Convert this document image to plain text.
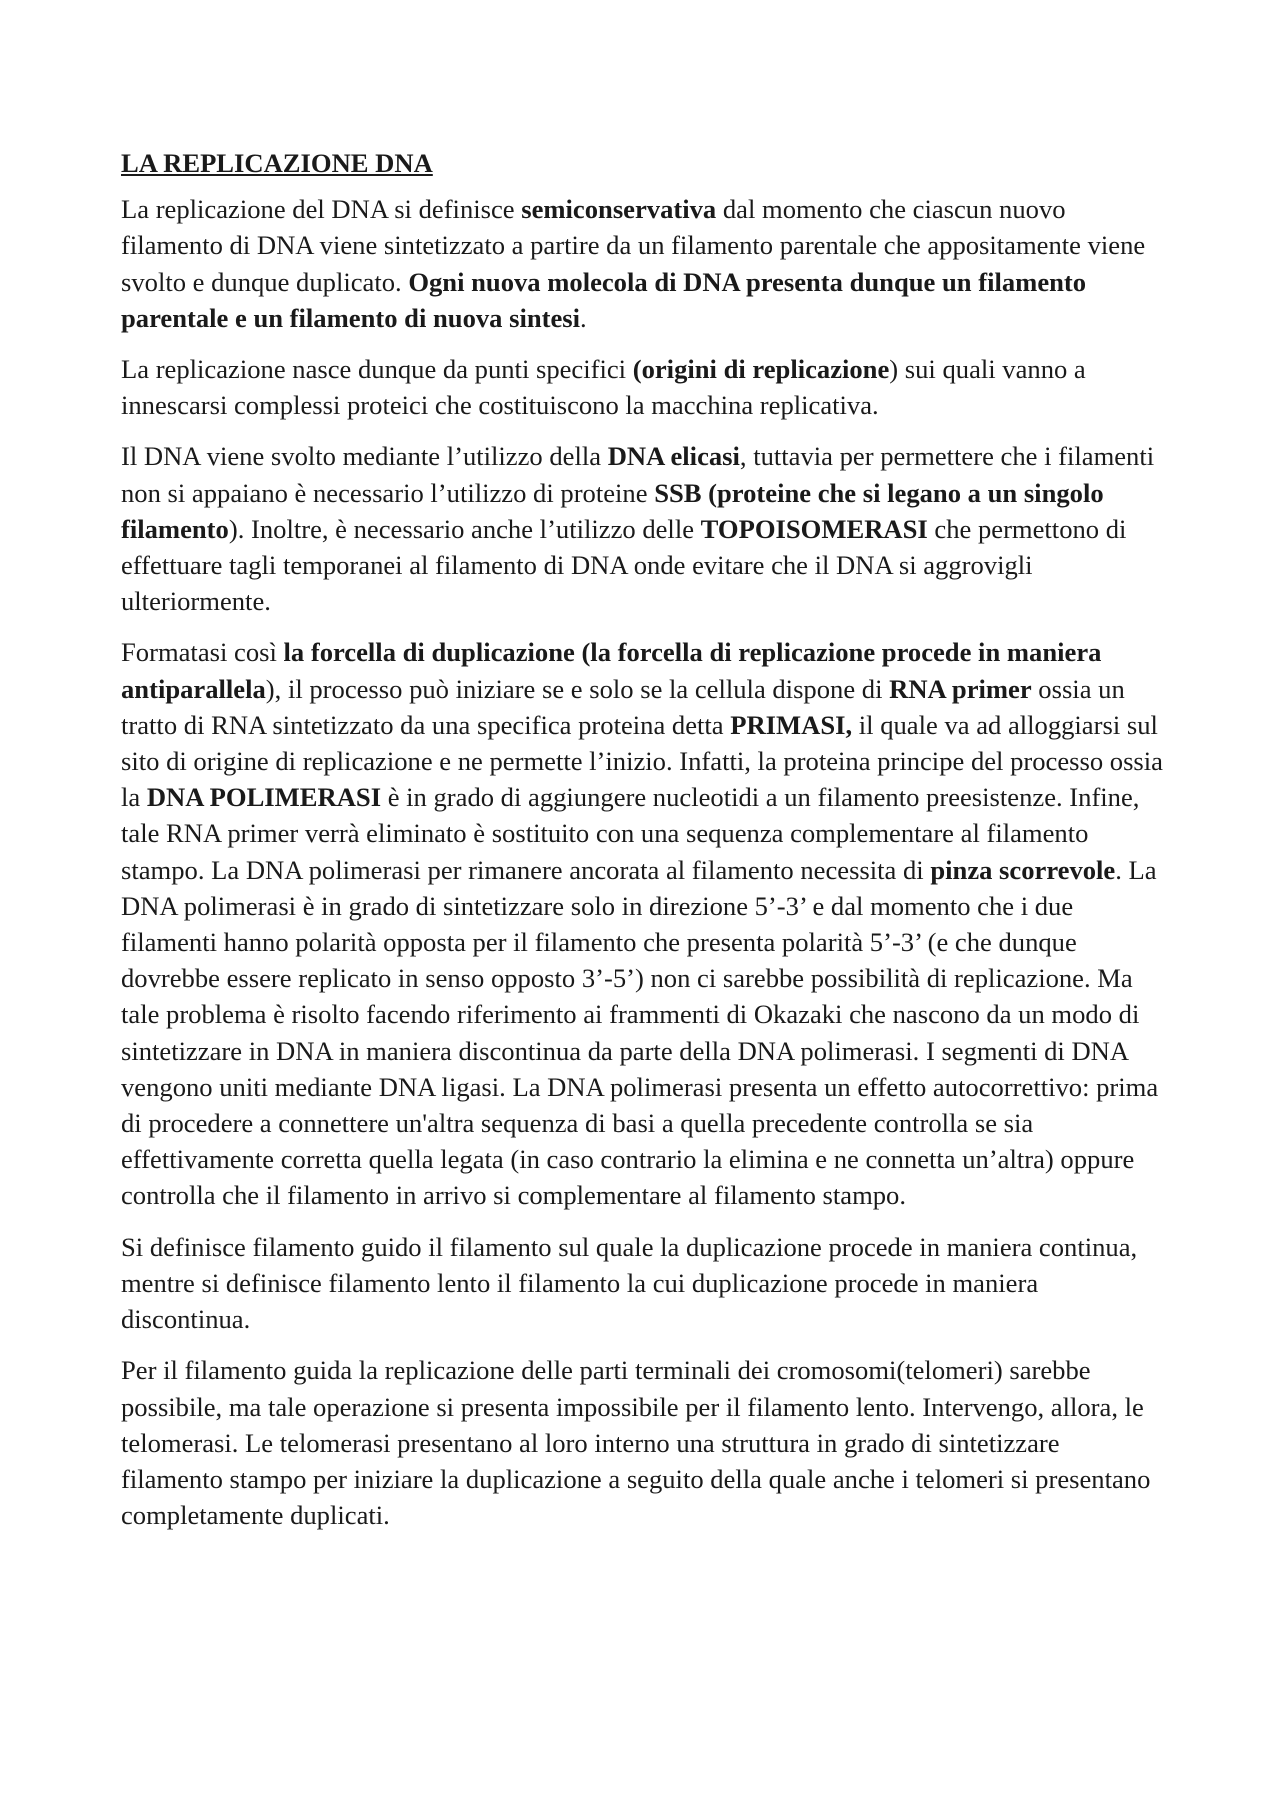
LA REPLICAZIONE DNA

La replicazione del DNA si definisce semiconservativa dal momento che ciascun nuovo filamento di DNA viene sintetizzato a partire da un filamento parentale che appositamente viene svolto e dunque duplicato. Ogni nuova molecola di DNA presenta dunque un filamento parentale e un filamento di nuova sintesi.

La replicazione nasce dunque da punti specifici (origini di replicazione) sui quali vanno a innescarsi complessi proteici che costituiscono la macchina replicativa.

Il DNA viene svolto mediante l’utilizzo della DNA elicasi, tuttavia per permettere che i filamenti non si appaiano è necessario l’utilizzo di proteine SSB (proteine che si legano a un singolo filamento). Inoltre, è necessario anche l’utilizzo delle TOPOISOMERASI che permettono di effettuare tagli temporanei al filamento di DNA onde evitare che il DNA si aggrovigli ulteriormente.

Formatasi così la forcella di duplicazione (la forcella di replicazione procede in maniera antiparallela), il processo può iniziare se e solo se la cellula dispone di RNA primer ossia un tratto di RNA sintetizzato da una specifica proteina detta PRIMASI, il quale va ad alloggiarsi sul sito di origine di replicazione e ne permette l’inizio. Infatti, la proteina principe del processo ossia la DNA POLIMERASI è in grado di aggiungere nucleotidi a un filamento preesistenze. Infine, tale RNA primer verrà eliminato è sostituito con una sequenza complementare al filamento stampo. La DNA polimerasi per rimanere ancorata al filamento necessita di pinza scorrevole. La DNA polimerasi è in grado di sintetizzare solo in direzione 5’-3’ e dal momento che i due filamenti hanno polarità opposta per il filamento che presenta polarità 5’-3’ (e che dunque dovrebbe essere replicato in senso opposto 3’-5’) non ci sarebbe possibilità di replicazione. Ma tale problema è risolto facendo riferimento ai frammenti di Okazaki che nascono da un modo di sintetizzare in DNA in maniera discontinua da parte della DNA polimerasi. I segmenti di DNA vengono uniti mediante DNA ligasi. La DNA polimerasi presenta un effetto autocorrettivo: prima di procedere a connettere un'altra sequenza di basi a quella precedente controlla se sia effettivamente corretta quella legata (in caso contrario la elimina e ne connetta un’altra) oppure controlla che il filamento in arrivo si complementare al filamento stampo.

Si definisce filamento guido il filamento sul quale la duplicazione procede in maniera continua, mentre si definisce filamento lento il filamento la cui duplicazione procede in maniera discontinua.

Per il filamento guida la replicazione delle parti terminali dei cromosomi(telomeri) sarebbe possibile, ma tale operazione si presenta impossibile per il filamento lento. Intervengo, allora, le telomerasi. Le telomerasi presentano al loro interno una struttura in grado di sintetizzare filamento stampo per iniziare la duplicazione a seguito della quale anche i telomeri si presentano completamente duplicati.
